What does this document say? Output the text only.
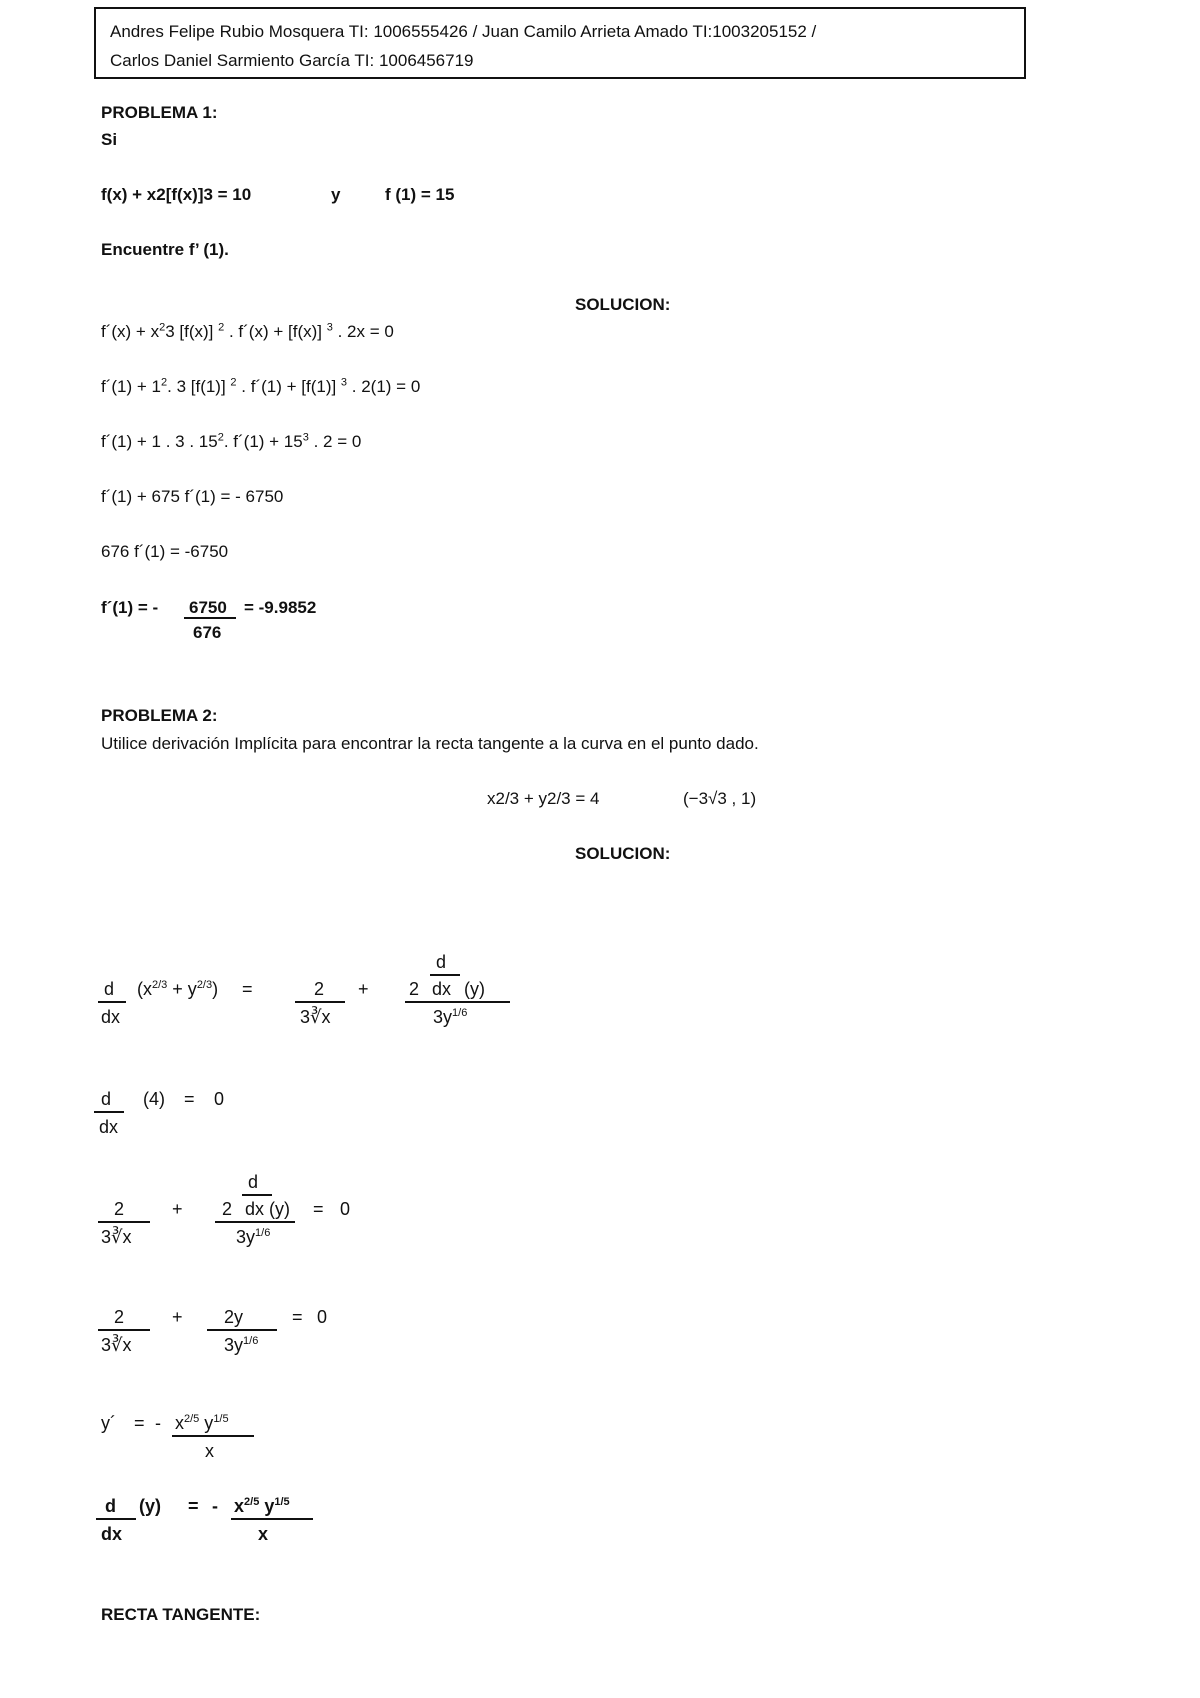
Andres Felipe Rubio Mosquera TI: 1006555426 / Juan Camilo Arrieta Amado TI:1003205152 /
Carlos Daniel Sarmiento García TI: 1006456719
PROBLEMA 1:
Si
f(x) + x2[f(x)]3 = 10	y	f (1) = 15
Encuentre f’ (1).
SOLUCION:
f´(x) + $x^23$ [f(x)] $^2$ . f´(x) + [f(x)] $^3$ . 2x = 0
f´(1) + $1^2$. 3 [f(1)] $^2$ . f´(1) + [f(1)] $^3$ . 2(1) = 0
f´(1) + 1 . 3 . $15^2$. f´(1) + $15^3$ . 2 = 0
f´(1) + 675 f´(1) = - 6750
676 f´(1) = -6750
f´(1) = - 6750
676
= -9.9852
PROBLEMA 2:
Utilice derivación Implícita para encontrar la recta tangente a la curva en el punto dado.
x2/3 + y2/3 = 4	(−3√3 , 1)
SOLUCION:
d
dx
$(x^{2/3} + y^{2/3})$ =	2
3∛x
+
d
2 dx (y)
$3y^{1/6}$
d
dx
(4) = 0
2
3∛x
+
d
2 dx (y)
$3y^{1/6}$
= 0
2
3∛x
+ 2y
$3y^{1/6}$
= 0
y´ = - $x^{2/5}$ $y^{1/5}$
x
d
dx
(y) = - $x^{2/5}$ $y^{1/5}$
x
RECTA TANGENTE:
